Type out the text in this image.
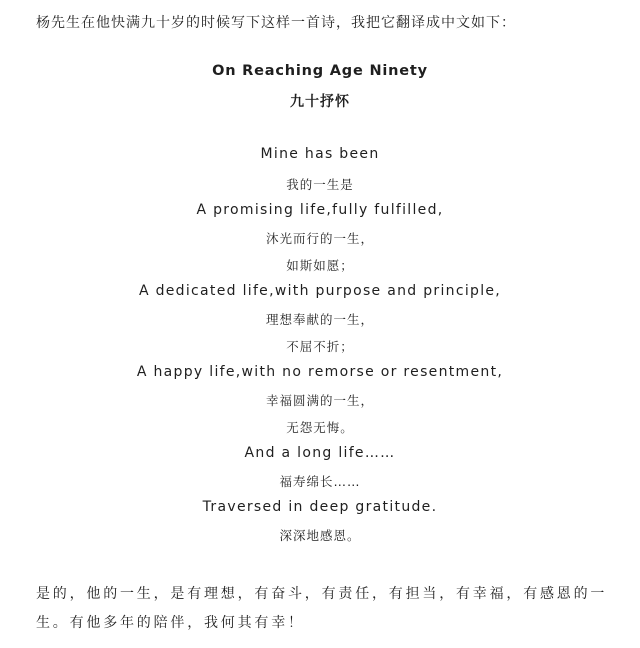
杨先生在他快满九十岁的时候写下这样一首诗，我把它翻译成中文如下：
On Reaching Age Ninety
九十抒怀
Mine has been
我的一生是
A promising life,fully fulfilled,
沐光而行的一生，
如斯如愿；
A dedicated life,with purpose and principle,
理想奉献的一生，
不屈不折；
A happy life,with no remorse or resentment,
幸福圆满的一生，
无怨无悔。
And a long life……
福寿绵长……
Traversed in deep gratitude.
深深地感恩。

是的，他的一生，是有理想，有奋斗，有责任，有担当，有幸福，有感恩的一

生。有他多年的陪伴，我何其有幸！
